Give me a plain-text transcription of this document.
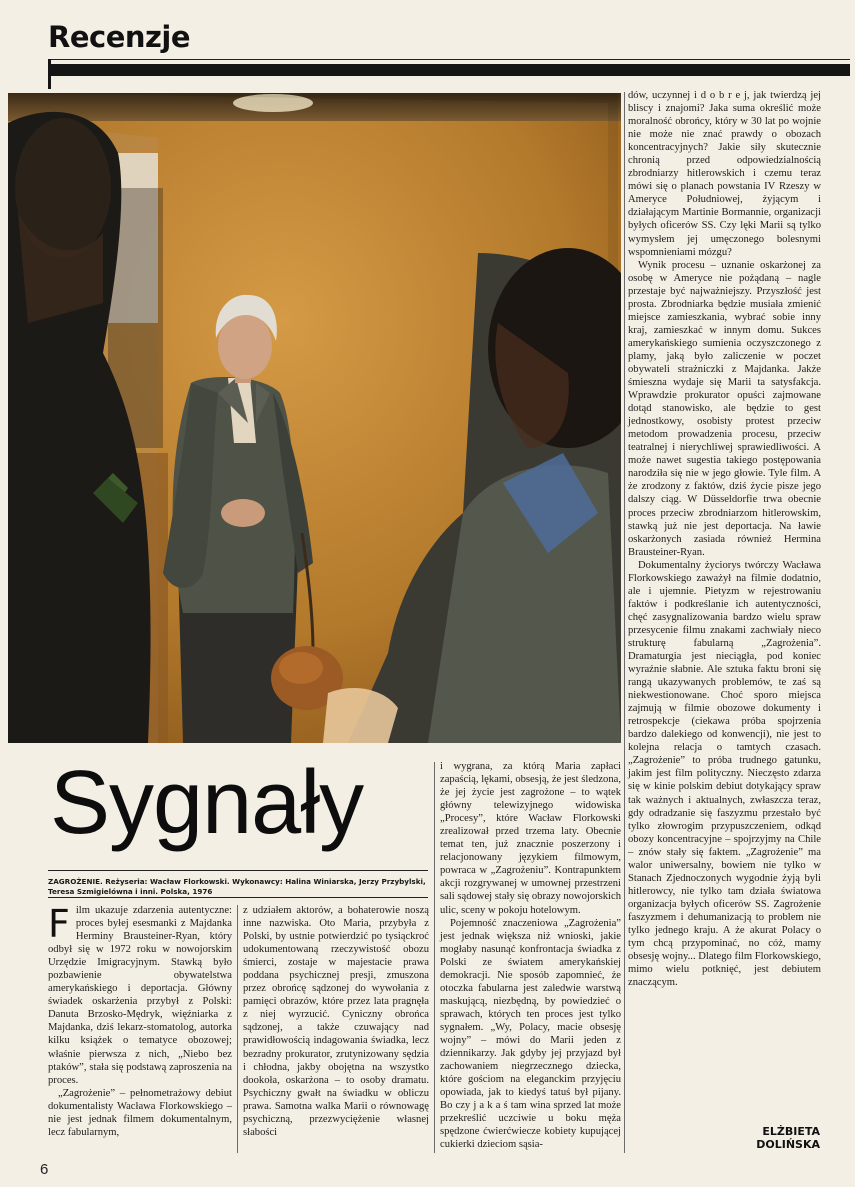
Recenzje
Sygnały
ZAGROŻENIE. Reżyseria: Wacław Florkowski. Wykonawcy: Halina Winiarska, Jerzy Przybylski, Teresa Szmigielówna i inni. Polska, 1976

Film ukazuje zdarzenia autentyczne: proces byłej esesmanki z Majdanka Herminy Brausteiner-Ryan, który odbył się w 1972 roku w nowojorskim Urzędzie Imigracyjnym. Stawką było pozbawienie obywatelstwa amerykańskiego i deportacja. Główny świadek oskarżenia przybył z Polski: Danuta Brzosko-Mędryk, więźniarka z Majdanka, dziś lekarz-stomatolog, autorka kilku książek o tematyce obozowej; właśnie pierwsza z nich, „Niebo bez ptaków”, stała się podstawą zaproszenia na proces.

„Zagrożenie” – pełnometrażowy debiut dokumentalisty Wacława Florkowskiego – nie jest jednak filmem dokumentalnym, lecz fabularnym,

z udziałem aktorów, a bohaterowie noszą inne nazwiska. Oto Maria, przybyła z Polski, by ustnie potwierdzić po tysiąckroć udokumentowaną rzeczywistość obozu śmierci, zostaje w majestacie prawa poddana psychicznej presji, zmuszona przez obrońcę sądzonej do wywołania z pamięci obrazów, które przez lata pragnęła z niej wyrzucić. Cyniczny obrońca sądzonej, a także czuwający nad prawidłowością indagowania świadka, lecz bezradny prokurator, zrutynizowany sędzia i chłodna, jakby obojętna na wszystko dookoła, oskarżona – to osoby dramatu. Psychiczny gwałt na świadku w obliczu prawa. Samotna walka Marii o równowagę psychiczną, przezwyciężenie własnej słabości

i wygrana, za którą Maria zapłaci zapaścią, lękami, obsesją, że jest śledzona, że jej życie jest zagrożone – to wątek główny telewizyjnego widowiska „Procesy”, które Wacław Florkowski zrealizował przed trzema laty. Obecnie temat ten, już znacznie poszerzony i relacjonowany językiem filmowym, powraca w „Zagrożeniu”. Kontrapunktem akcji rozgrywanej w umownej przestrzeni sali sądowej stały się obrazy nowojorskich ulic, sceny w pokoju hotelowym.

Pojemność znaczeniowa „Zagrożenia” jest jednak większa niż wnioski, jakie mogłaby nasunąć konfrontacja świadka z Polski ze światem amerykańskiej demokracji. Nie sposób zapomnieć, że otoczka fabularna jest zaledwie warstwą maskującą, niezbędną, by powiedzieć o sprawach, których ten proces jest tylko sygnałem. „Wy, Polacy, macie obsesję wojny” – mówi do Marii jeden z dziennikarzy. Jak gdyby jej przyjazd był zachowaniem niegrzecznego dziecka, które gościom na eleganckim przyjęciu opowiada, jak to kiedyś tatuś był pijany. Bo czy j a k a ś tam wina sprzed lat może przekreślić uczciwie u boku męża spędzone ćwierćwiecze kobiety kupującej cukierki dzieciom sąsia-

dów, uczynnej i d o b r e j, jak twierdzą jej bliscy i znajomi? Jaka suma określić może moralność obrońcy, który w 30 lat po wojnie nie może nie znać prawdy o obozach koncentracyjnych? Jakie siły skutecznie chronią przed odpowiedzialnością zbrodniarzy hitlerowskich i czemu teraz mówi się o planach powstania IV Rzeszy w Ameryce Południowej, żyjącym i działającym Martinie Bormannie, organizacji byłych oficerów SS. Czy lęki Marii są tylko wymysłem jej umęczonego bolesnymi wspomnieniami mózgu?

Wynik procesu – uznanie oskarżonej za osobę w Ameryce nie pożądaną – nagle przestaje być najważniejszy. Przyszłość jest prosta. Zbrodniarka będzie musiała zmienić miejsce zamieszkania, wybrać sobie inny kraj, zamieszkać w innym domu. Sukces amerykańskiego sumienia oczyszczonego z plamy, jaką było zaliczenie w poczet obywateli strażniczki z Majdanka. Jakże śmieszna wydaje się Marii ta satysfakcja. Wprawdzie prokurator opuści zajmowane dotąd stanowisko, ale będzie to gest jednostkowy, osobisty protest przeciw metodom prowadzenia procesu, przeciw teatralnej i nierychliwej sprawiedliwości. A może nawet sugestia takiego postępowania narodziła się nie w jego głowie. Tyle film. A że zrodzony z faktów, dziś życie pisze jego dalszy ciąg. W Düsseldorfie trwa obecnie proces przeciw zbrodniarzom hitlerowskim, stawką już nie jest deportacja. Na ławie oskarżonych zasiada również Hermina Brausteiner-Ryan.

Dokumentalny życiorys twórczy Wacława Florkowskiego zaważył na filmie dodatnio, ale i ujemnie. Pietyzm w rejestrowaniu faktów i podkreślanie ich autentyczności, chęć zasygnalizowania bardzo wielu spraw przesycenie filmu znakami zachwiały nieco strukturę fabularną „Zagrożenia”. Dramaturgia jest nieciągła, pod koniec wyraźnie słabnie. Ale sztuka faktu broni się rangą ukazywanych problemów, te zaś są niekwestionowane. Choć sporo miejsca zajmują w filmie obozowe dokumenty i retrospekcje (ciekawa próba spojrzenia bardzo dalekiego od konwencji), nie jest to kolejna relacja o tamtych czasach. „Zagrożenie” to próba trudnego gatunku, jakim jest film polityczny. Nieczęsto zdarza się w kinie polskim debiut dotykający spraw tak ważnych i aktualnych, zwłaszcza teraz, gdy odradzanie się faszyzmu przestało być tylko złowrogim przypuszczeniem, odkąd obozy koncentracyjne – spojrzyjmy na Chile – znów stały się faktem. „Zagrożenie” ma walor uniwersalny, bowiem nie tylko w Stanach Zjednoczonych wygodnie żyją byli hitlerowcy, nie tylko tam działa światowa organizacja byłych oficerów SS. Zagrożenie faszyzmem i dehumanizacją to problem nie tylko jednego kraju. A że akurat Polacy o tym chcą przypominać, no cóż, mamy obsesję wojny... Dlatego film Florkowskiego, mimo wielu potknięć, jest debiutem znaczącym.

ELŻBIETA
DOLIŃSKA
6
